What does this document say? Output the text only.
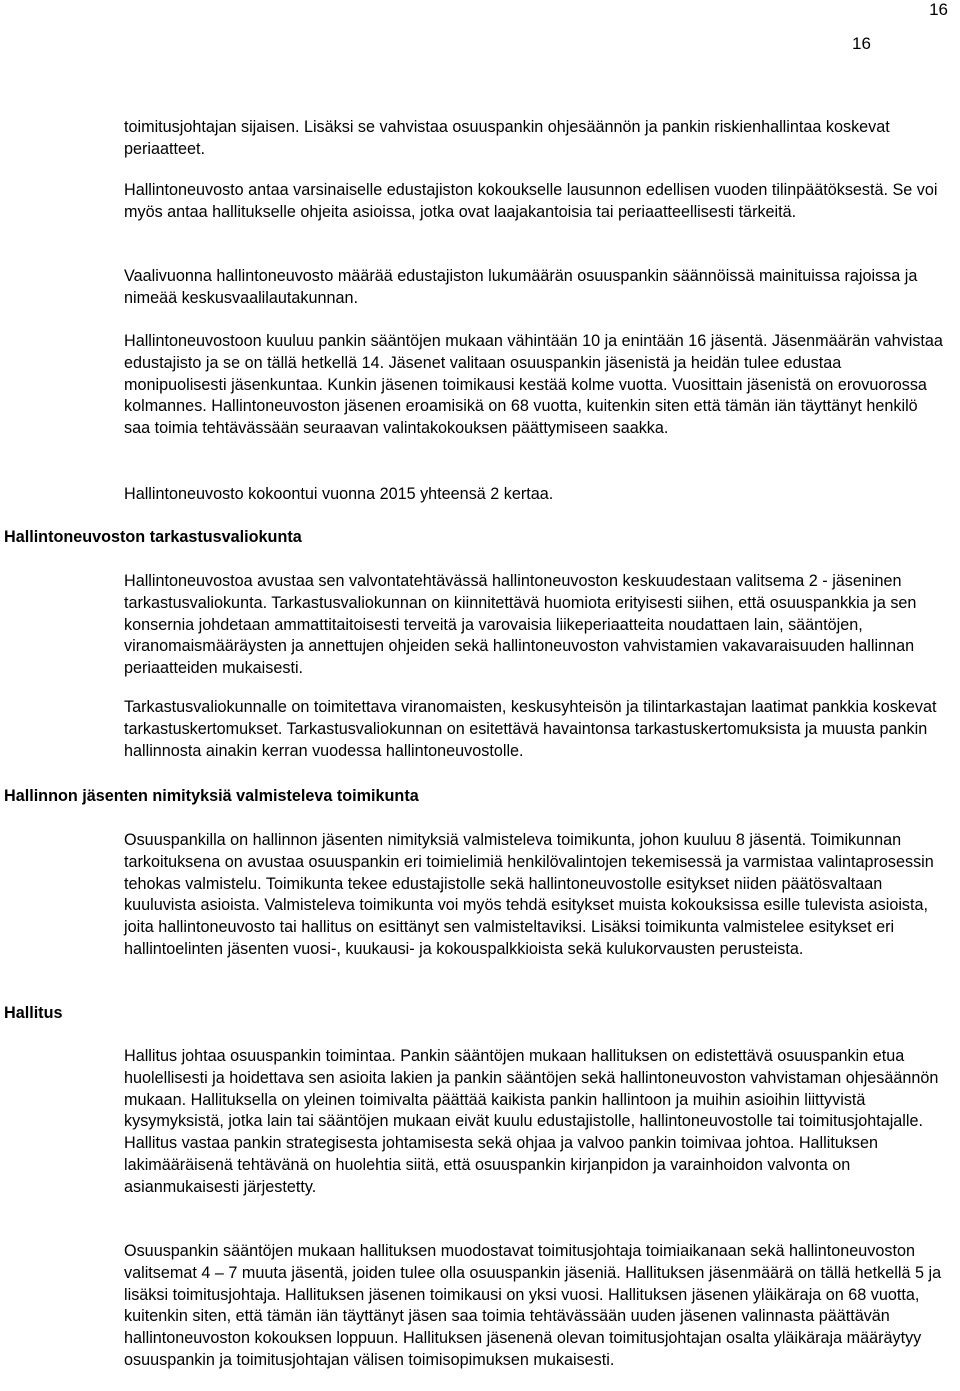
16
16

toimitusjohtajan sijaisen. Lisäksi se vahvistaa osuuspankin ohjesäännön ja pankin riskienhallintaa koskevat periaatteet.

Hallintoneuvosto antaa varsinaiselle edustajiston kokoukselle lausunnon edellisen vuoden tilinpäätöksestä. Se voi myös antaa hallitukselle ohjeita asioissa, jotka ovat laajakantoisia tai periaatteellisesti tärkeitä.

Vaalivuonna hallintoneuvosto määrää edustajiston lukumäärän osuuspankin säännöissä mainituissa rajoissa ja nimeää keskusvaalilautakunnan.

Hallintoneuvostoon kuuluu pankin sääntöjen mukaan vähintään 10 ja enintään 16 jäsentä. Jäsenmäärän vahvistaa edustajisto ja se on tällä hetkellä 14. Jäsenet valitaan osuuspankin jäsenistä ja heidän tulee edustaa monipuolisesti jäsenkuntaa. Kunkin jäsenen toimikausi kestää kolme vuotta. Vuosittain jäsenistä on erovuorossa kolmannes. Hallintoneuvoston jäsenen eroamisikä on 68 vuotta, kuitenkin siten että tämän iän täyttänyt henkilö saa toimia tehtävässään seuraavan valintakokouksen päättymiseen saakka.

Hallintoneuvosto kokoontui vuonna 2015 yhteensä 2 kertaa.

Hallintoneuvoston tarkastusvaliokunta

Hallintoneuvostoa avustaa sen valvontatehtävässä hallintoneuvoston keskuudestaan valitsema 2 - jäseninen tarkastusvaliokunta. Tarkastusvaliokunnan on kiinnitettävä huomiota erityisesti siihen, että osuuspankkia ja sen konsernia johdetaan ammattitaitoisesti terveitä ja varovaisia liikeperiaatteita noudattaen lain, sääntöjen, viranomaismääräysten ja annettujen ohjeiden sekä hallintoneuvoston vahvistamien vakavaraisuuden hallinnan periaatteiden mukaisesti.

Tarkastusvaliokunnalle on toimitettava viranomaisten, keskusyhteisön ja tilintarkastajan laatimat pankkia koskevat tarkastuskertomukset. Tarkastusvaliokunnan on esitettävä havaintonsa tarkastuskertomuksista ja muusta pankin hallinnosta ainakin kerran vuodessa hallintoneuvostolle.

Hallinnon jäsenten nimityksiä valmisteleva toimikunta

Osuuspankilla on hallinnon jäsenten nimityksiä valmisteleva toimikunta, johon kuuluu 8 jäsentä. Toimikunnan tarkoituksena on avustaa osuuspankin eri toimielimiä henkilövalintojen tekemisessä ja varmistaa valintaprosessin tehokas valmistelu. Toimikunta tekee edustajistolle sekä hallintoneuvostolle esitykset niiden päätösvaltaan kuuluvista asioista. Valmisteleva toimikunta voi myös tehdä esitykset muista kokouksissa esille tulevista asioista, joita hallintoneuvosto tai hallitus on esittänyt sen valmisteltaviksi. Lisäksi toimikunta valmistelee esitykset eri hallintoelinten jäsenten vuosi-, kuukausi- ja kokouspalkkioista sekä kulukorvausten perusteista.

Hallitus

Hallitus johtaa osuuspankin toimintaa. Pankin sääntöjen mukaan hallituksen on edistettävä osuuspankin etua huolellisesti ja hoidettava sen asioita lakien ja pankin sääntöjen sekä hallintoneuvoston vahvistaman ohjesäännön mukaan. Hallituksella on yleinen toimivalta päättää kaikista pankin hallintoon ja muihin asioihin liittyvistä kysymyksistä, jotka lain tai sääntöjen mukaan eivät kuulu edustajistolle, hallintoneuvostolle tai toimitusjohtajalle. Hallitus vastaa pankin strategisesta johtamisesta sekä ohjaa ja valvoo pankin toimivaa johtoa. Hallituksen lakimääräisenä tehtävänä on huolehtia siitä, että osuuspankin kirjanpidon ja varainhoidon valvonta on asianmukaisesti järjestetty.

Osuuspankin sääntöjen mukaan hallituksen muodostavat toimitusjohtaja toimiaikanaan sekä hallintoneuvoston valitsemat 4 – 7 muuta jäsentä, joiden tulee olla osuuspankin jäseniä. Hallituksen jäsenmäärä on tällä hetkellä 5 ja lisäksi toimitusjohtaja. Hallituksen jäsenen toimikausi on yksi vuosi. Hallituksen jäsenen yläikäraja on 68 vuotta, kuitenkin siten, että tämän iän täyttänyt jäsen saa toimia tehtävässään uuden jäsenen valinnasta päättävän hallintoneuvoston kokouksen loppuun. Hallituksen jäsenenä olevan toimitusjohtajan osalta yläikäraja määräytyy osuuspankin ja toimitusjohtajan välisen toimisopimuksen mukaisesti.
